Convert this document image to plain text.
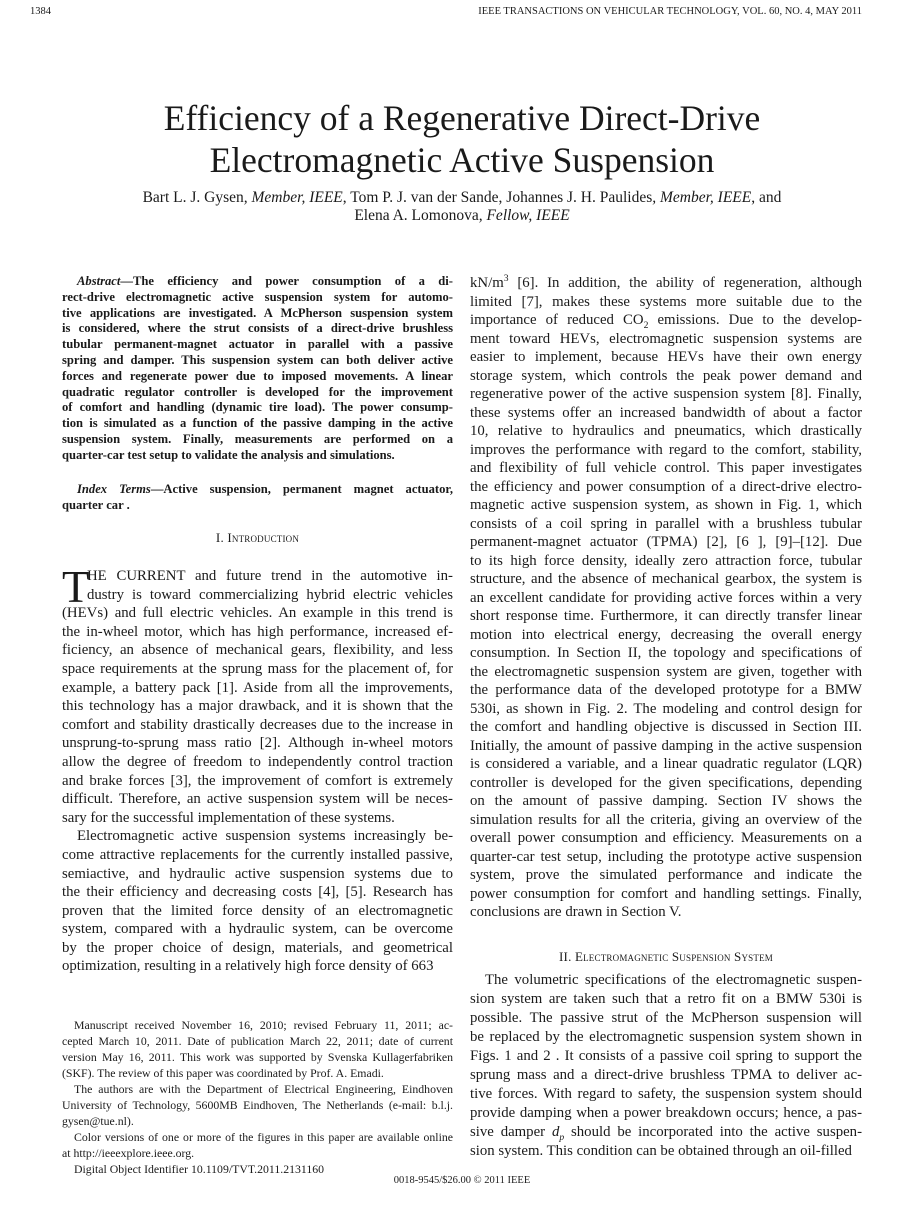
1384	IEEE TRANSACTIONS ON VEHICULAR TECHNOLOGY, VOL. 60, NO. 4, MAY 2011
Efficiency of a Regenerative Direct-Drive
Electromagnetic Active Suspension
Bart L. J. Gysen, Member, IEEE, Tom P. J. van der Sande, Johannes J. H. Paulides, Member, IEEE, and
Elena A. Lomonova, Fellow, IEEE
Abstract—The efficiency and power consumption of a di-
rect-drive electromagnetic active suspension system for automo-
tive applications are investigated. A McPherson suspension system
is considered, where the strut consists of a direct-drive brushless
tubular permanent-magnet actuator in parallel with a passive
spring and damper. This suspension system can both deliver active
forces and regenerate power due to imposed movements. A linear
quadratic regulator controller is developed for the improvement
of comfort and handling (dynamic tire load). The power consump-
tion is simulated as a function of the passive damping in the active
suspension system. Finally, measurements are performed on a
quarter-car test setup to validate the analysis and simulations.
Index Terms—Active suspension, permanent magnet actuator,
quarter car .
I. Introduction
T
HE CURRENT and future trend in the automotive in-
dustry is toward commercializing hybrid electric vehicles
(HEVs) and full electric vehicles. An example in this trend is
the in-wheel motor, which has high performance, increased ef-
ficiency, an absence of mechanical gears, flexibility, and less
space requirements at the sprung mass for the placement of, for
example, a battery pack [1]. Aside from all the improvements,
this technology has a major drawback, and it is shown that the
comfort and stability drastically decreases due to the increase in
unsprung-to-sprung mass ratio [2]. Although in-wheel motors
allow the degree of freedom to independently control traction
and brake forces [3], the improvement of comfort is extremely
difficult. Therefore, an active suspension system will be neces-
sary for the successful implementation of these systems.
Electromagnetic active suspension systems increasingly be-
come attractive replacements for the currently installed passive,
semiactive, and hydraulic active suspension systems due to
the their efficiency and decreasing costs [4], [5]. Research has
proven that the limited force density of an electromagnetic
system, compared with a hydraulic system, can be overcome
by the proper choice of design, materials, and geometrical
optimization, resulting in a relatively high force density of 663
Manuscript received November 16, 2010; revised February 11, 2011; ac-
cepted March 10, 2011. Date of publication March 22, 2011; date of current
version May 16, 2011. This work was supported by Svenska Kullagerfabriken
(SKF). The review of this paper was coordinated by Prof. A. Emadi.
The authors are with the Department of Electrical Engineering, Eindhoven
University of Technology, 5600MB Eindhoven, The Netherlands (e-mail: b.l.j.
gysen@tue.nl).
Color versions of one or more of the figures in this paper are available online
at http://ieeexplore.ieee.org.
Digital Object Identifier 10.1109/TVT.2011.2131160
$kN/m^3$ [6]. In addition, the ability of regeneration, although
limited [7], makes these systems more suitable due to the
importance of reduced $CO_2$ emissions. Due to the develop-
ment toward HEVs, electromagnetic suspension systems are
easier to implement, because HEVs have their own energy
storage system, which controls the peak power demand and
regenerative power of the active suspension system [8]. Finally,
these systems offer an increased bandwidth of about a factor
10, relative to hydraulics and pneumatics, which drastically
improves the performance with regard to the comfort, stability,
and flexibility of full vehicle control. This paper investigates
the efficiency and power consumption of a direct-drive electro-
magnetic active suspension system, as shown in Fig. 1, which
consists of a coil spring in parallel with a brushless tubular
permanent-magnet actuator (TPMA) [2], [6 ], [9]–[12]. Due
to its high force density, ideally zero attraction force, tubular
structure, and the absence of mechanical gearbox, the system is
an excellent candidate for providing active forces within a very
short response time. Furthermore, it can directly transfer linear
motion into electrical energy, decreasing the overall energy
consumption. In Section II, the topology and specifications of
the electromagnetic suspension system are given, together with
the performance data of the developed prototype for a BMW
530i, as shown in Fig. 2. The modeling and control design for
the comfort and handling objective is discussed in Section III.
Initially, the amount of passive damping in the active suspension
is considered a variable, and a linear quadratic regulator (LQR)
controller is developed for the given specifications, depending
on the amount of passive damping. Section IV shows the
simulation results for all the criteria, giving an overview of the
overall power consumption and efficiency. Measurements on a
quarter-car test setup, including the prototype active suspension
system, prove the simulated performance and indicate the
power consumption for comfort and handling settings. Finally,
conclusions are drawn in Section V.
II. Electromagnetic Suspension System
The volumetric specifications of the electromagnetic suspen-
sion system are taken such that a retro fit on a BMW 530i is
possible. The passive strut of the McPherson suspension will
be replaced by the electromagnetic suspension system shown in
Figs. 1 and 2 . It consists of a passive coil spring to support the
sprung mass and a direct-drive brushless TPMA to deliver ac-
tive forces. With regard to safety, the suspension system should
provide damping when a power breakdown occurs; hence, a pas-
sive damper $d_p$ should be incorporated into the active suspen-
sion system. This condition can be obtained through an oil-filled
0018-9545/$26.00 © 2011 IEEE
